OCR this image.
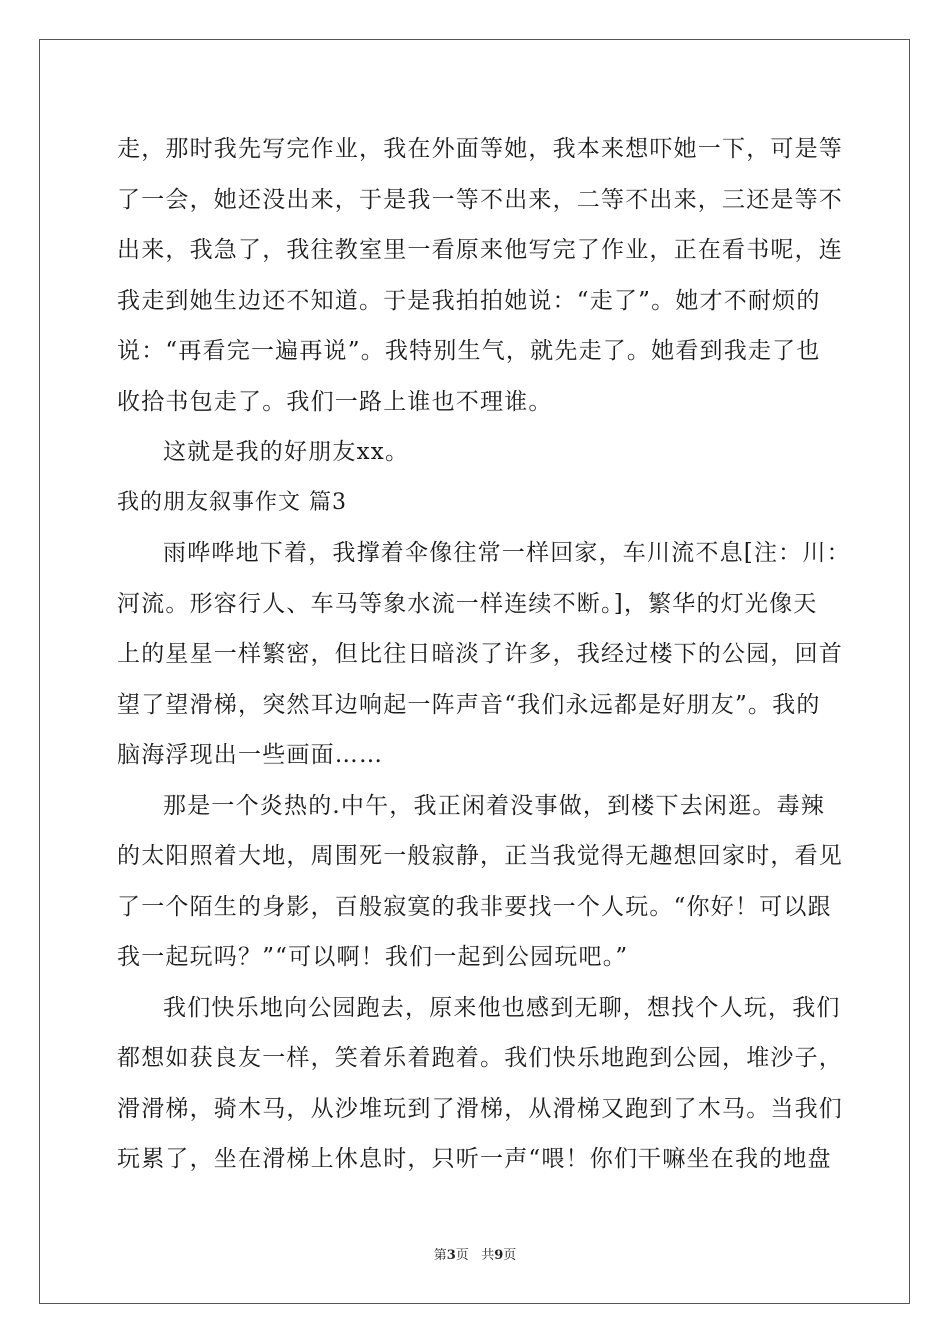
走，那时我先写完作业，我在外面等她，我本来想吓她一下，可是等
了一会，她还没出来，于是我一等不出来，二等不出来，三还是等不
出来，我急了，我往教室里一看原来他写完了作业，正在看书呢，连
我走到她生边还不知道。于是我拍拍她说：“走了”。她才不耐烦的
说：“再看完一遍再说”。我特别生气，就先走了。她看到我走了也
收拾书包走了。我们一路上谁也不理谁。
这就是我的好朋友xx。
我的朋友叙事作文 篇3
雨哗哗地下着，我撑着伞像往常一样回家，车川流不息[注：川：
河流。形容行人、车马等象水流一样连续不断。]，繁华的灯光像天
上的星星一样繁密，但比往日暗淡了许多，我经过楼下的公园，回首
望了望滑梯，突然耳边响起一阵声音“我们永远都是好朋友”。我的
脑海浮现出一些画面……
那是一个炎热的.中午，我正闲着没事做，到楼下去闲逛。毒辣
的太阳照着大地，周围死一般寂静，正当我觉得无趣想回家时，看见
了一个陌生的身影，百般寂寞的我非要找一个人玩。“你好！可以跟
我一起玩吗？”“可以啊！我们一起到公园玩吧。”
我们快乐地向公园跑去，原来他也感到无聊，想找个人玩，我们
都想如获良友一样，笑着乐着跑着。我们快乐地跑到公园，堆沙子，
滑滑梯，骑木马，从沙堆玩到了滑梯，从滑梯又跑到了木马。当我们
玩累了，坐在滑梯上休息时，只听一声“喂！你们干嘛坐在我的地盘
第3页 共9页
